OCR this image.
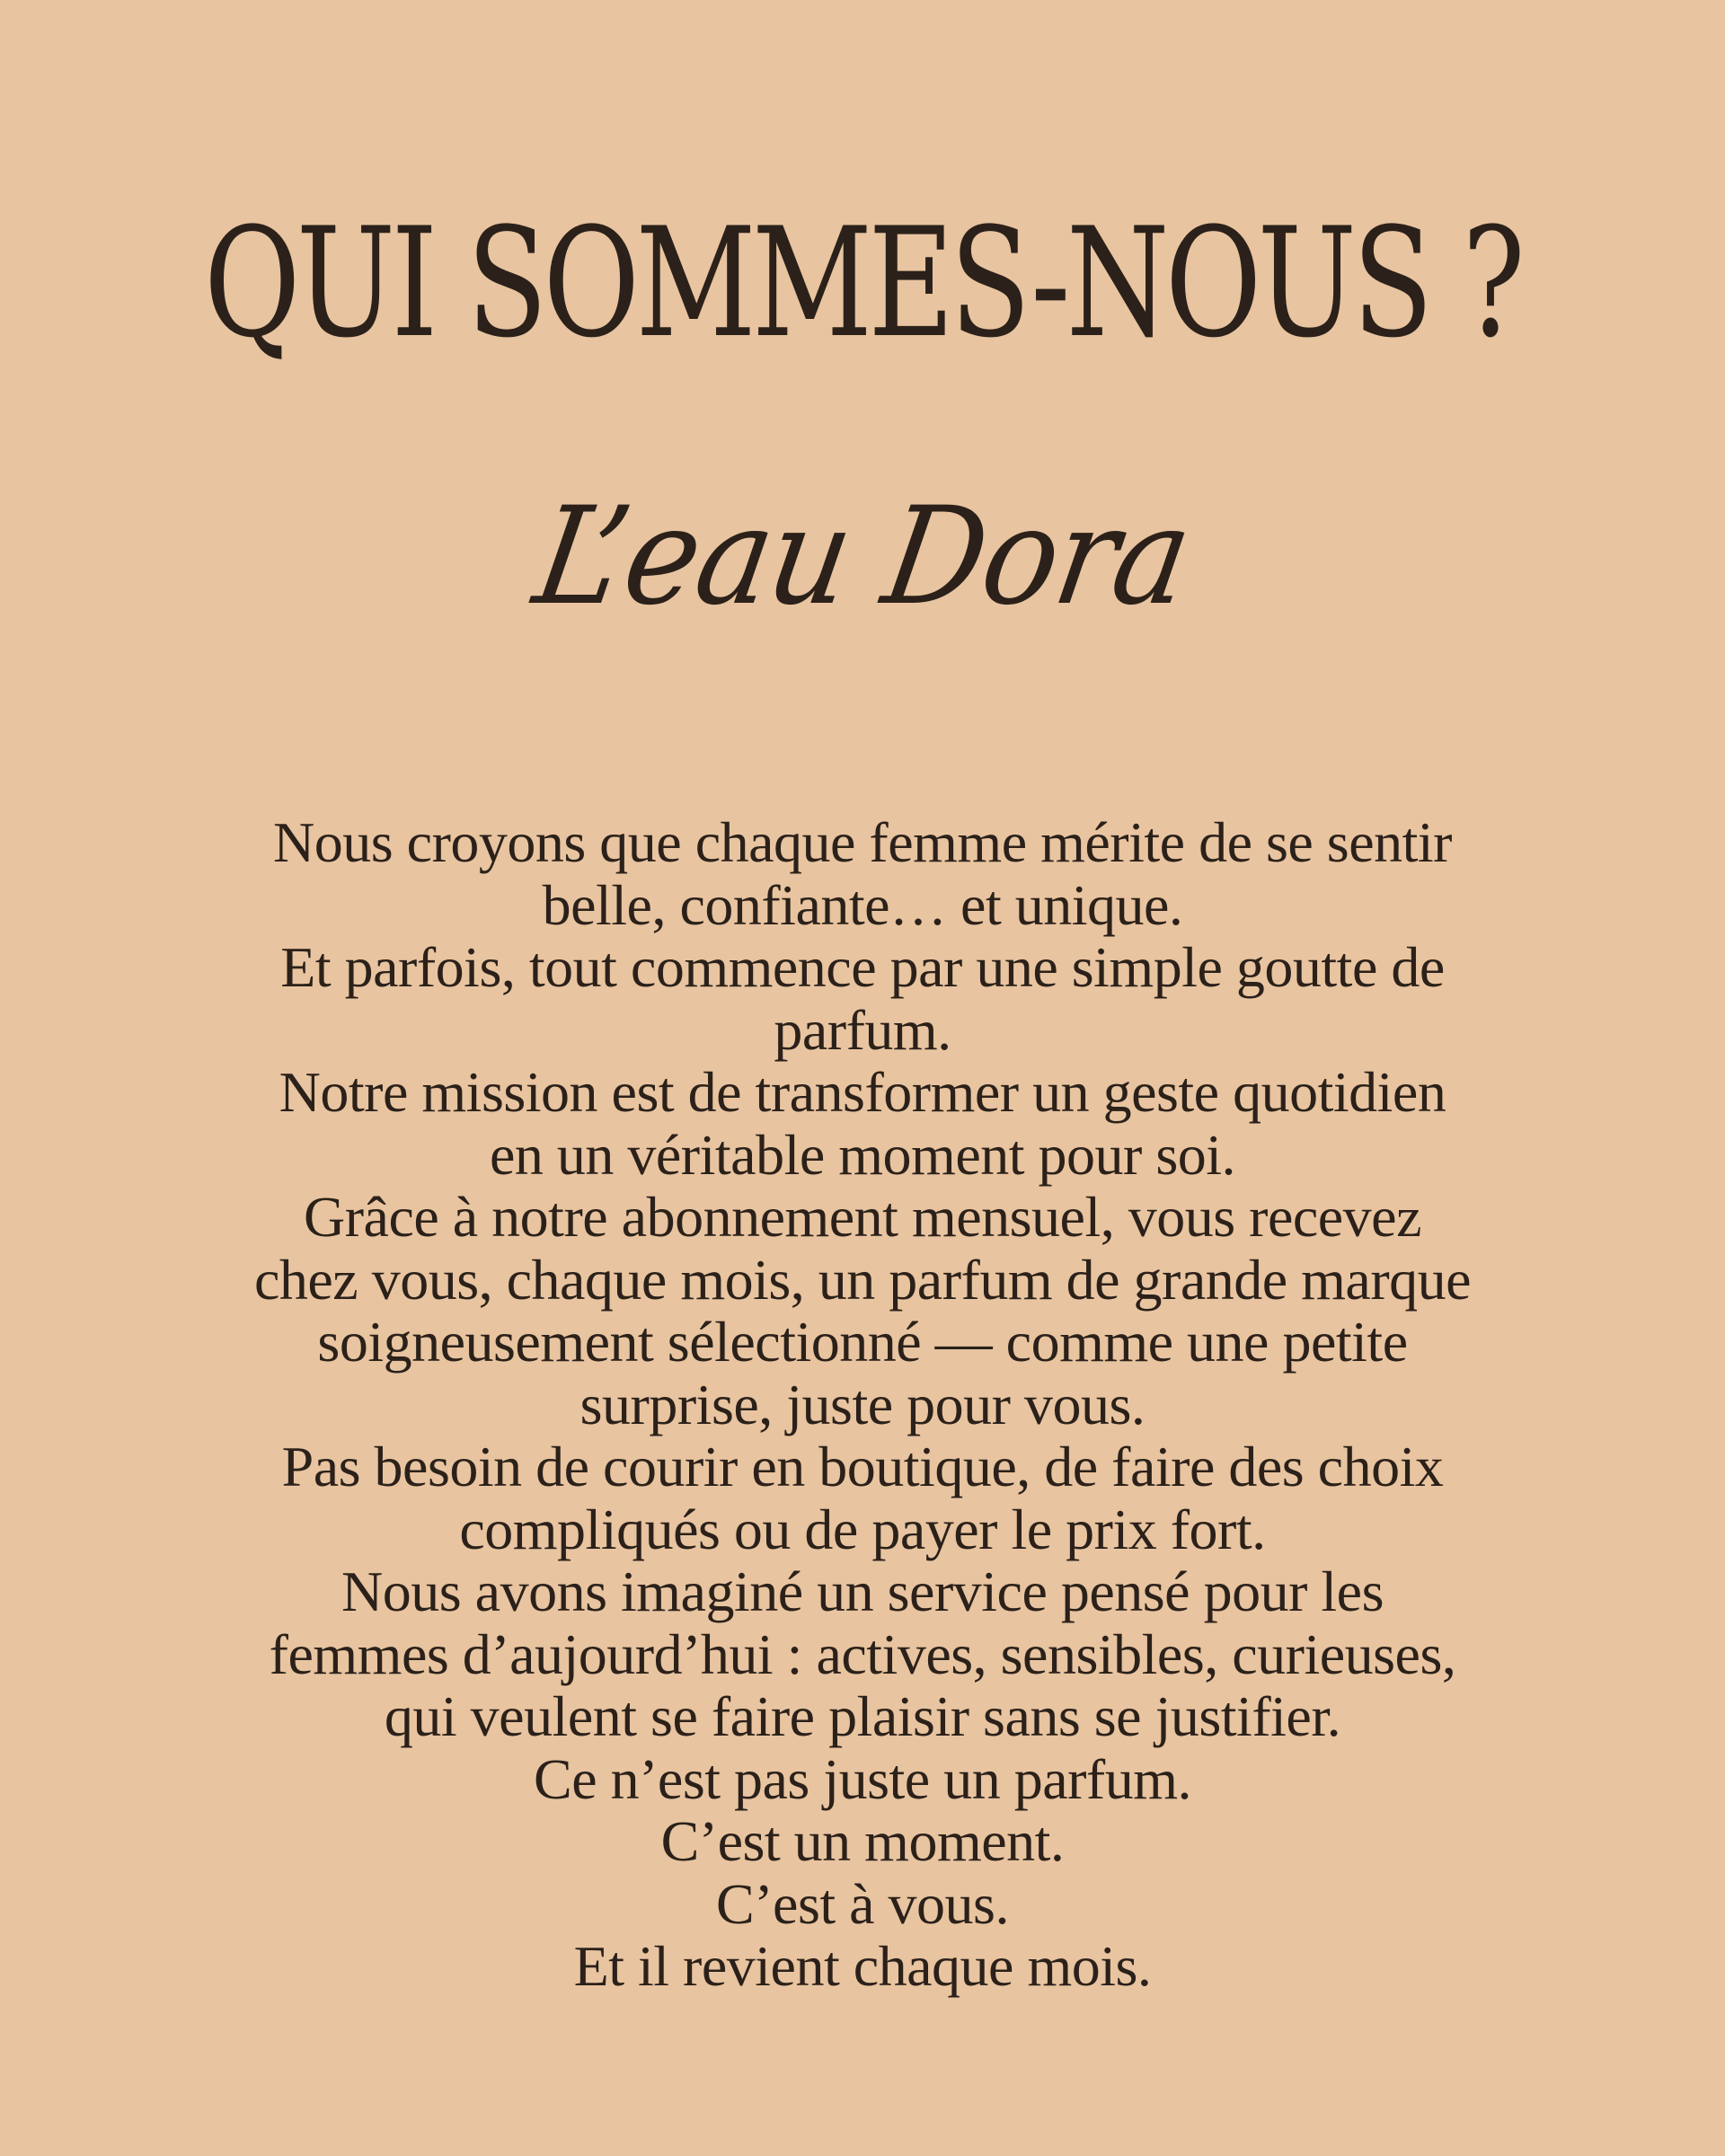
QUI SOMMES-NOUS ?
L’eau Dora
Nous croyons que chaque femme mérite de se sentir
belle, confiante… et unique.
Et parfois, tout commence par une simple goutte de
parfum.
Notre mission est de transformer un geste quotidien
en un véritable moment pour soi.
Grâce à notre abonnement mensuel, vous recevez
chez vous, chaque mois, un parfum de grande marque
soigneusement sélectionné — comme une petite
surprise, juste pour vous.
Pas besoin de courir en boutique, de faire des choix
compliqués ou de payer le prix fort.
Nous avons imaginé un service pensé pour les
femmes d’aujourd’hui : actives, sensibles, curieuses,
qui veulent se faire plaisir sans se justifier.
Ce n’est pas juste un parfum.
C’est un moment.
C’est à vous.
Et il revient chaque mois.
